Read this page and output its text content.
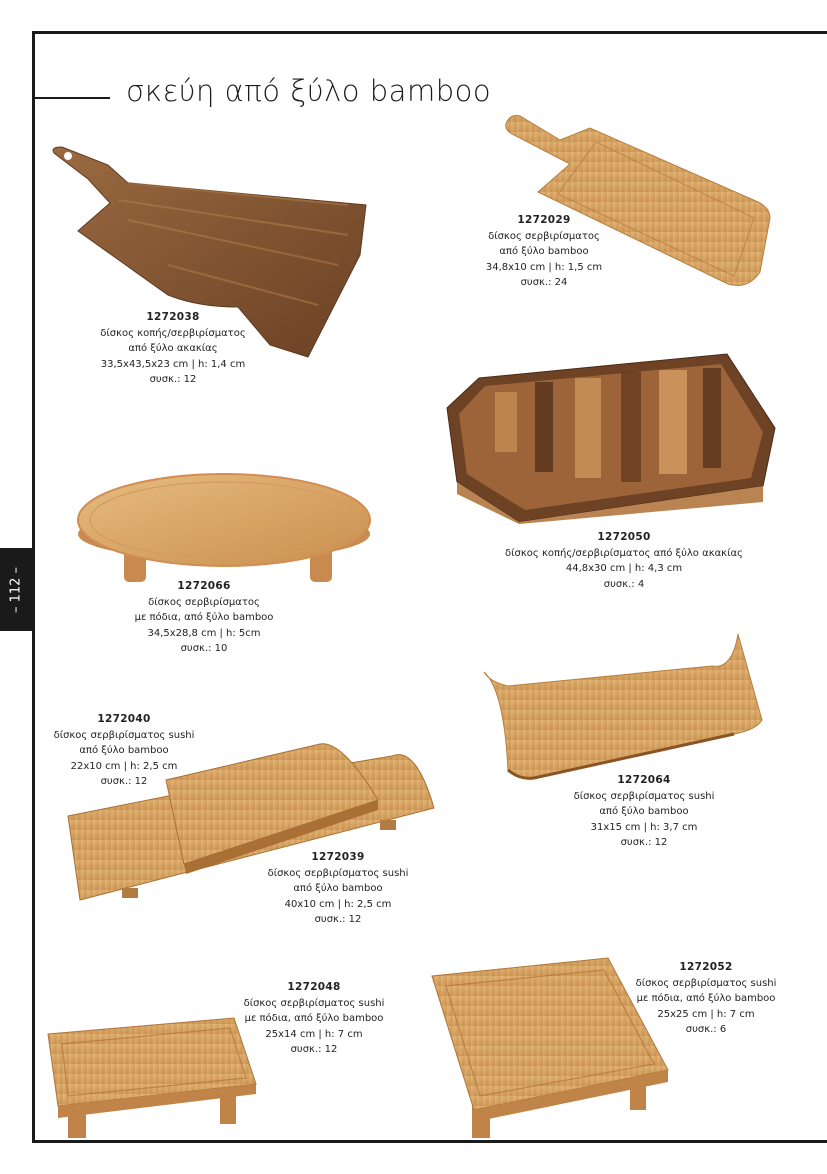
σκεύη από ξύλο bamboo
– 112 –
1272038
δίσκος κοπής/σερβιρίσματος
από ξύλο ακακίας
33,5x43,5x23 cm | h: 1,4 cm
συσκ.: 12
1272029
δίσκος σερβιρίσματος
από ξύλο bamboo
34,8x10 cm | h: 1,5 cm
συσκ.: 24
1272050
δίσκος κοπής/σερβιρίσματος από ξύλο ακακίας
44,8x30 cm | h: 4,3 cm
συσκ.: 4
1272066
δίσκος σερβιρίσματος
με πόδια, από ξύλο bamboo
34,5x28,8 cm | h: 5cm
συσκ.: 10
1272040
δίσκος σερβιρίσματος sushi
από ξύλο bamboo
22x10 cm | h: 2,5 cm
συσκ.: 12	1272064
δίσκος σερβιρίσματος sushi
από ξύλο bamboo
31x15 cm | h: 3,7 cm
συσκ.: 12
1272039
δίσκος σερβιρίσματος sushi
από ξύλο bamboo
40x10 cm | h: 2,5 cm
συσκ.: 12
1272052
δίσκος σερβιρίσματος sushi
με πόδια, από ξύλο bamboo
25x25 cm | h: 7 cm
συσκ.: 6
1272048
δίσκος σερβιρίσματος sushi
με πόδια, από ξύλο bamboo
25x14 cm | h: 7 cm
συσκ.: 12
